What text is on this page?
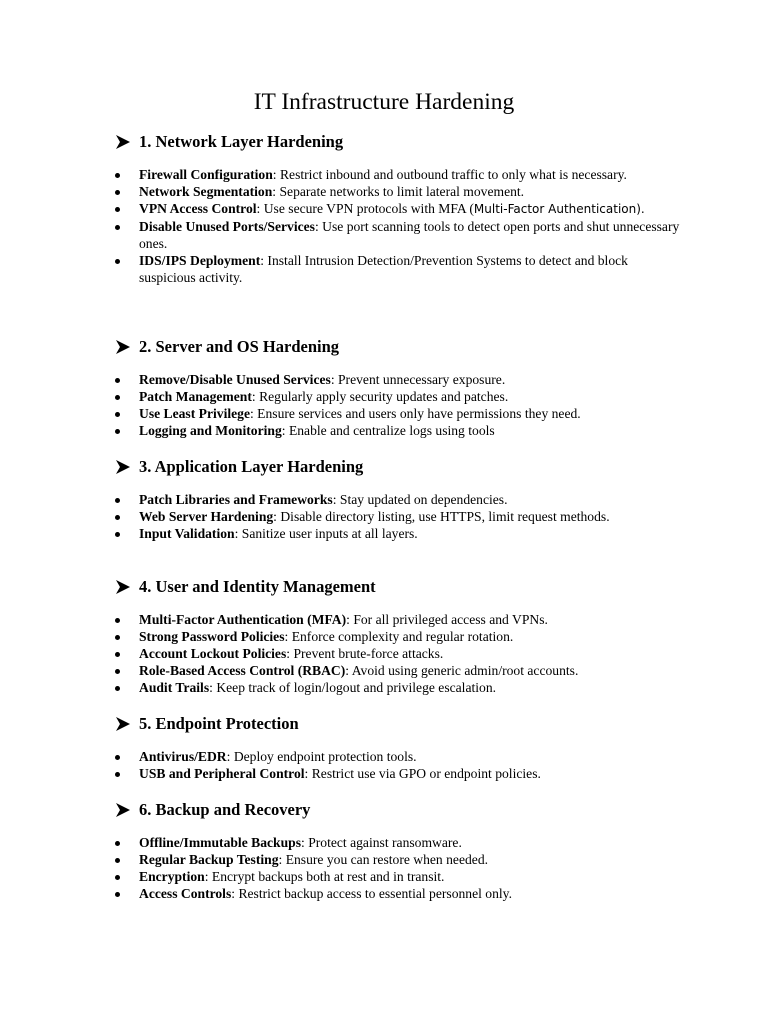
IT Infrastructure Hardening
1. Network Layer Hardening
Firewall Configuration: Restrict inbound and outbound traffic to only what is necessary.
Network Segmentation: Separate networks to limit lateral movement.
VPN Access Control: Use secure VPN protocols with MFA (Multi-Factor Authentication).
Disable Unused Ports/Services: Use port scanning tools to detect open ports and shut unnecessary ones.
IDS/IPS Deployment: Install Intrusion Detection/Prevention Systems to detect and block suspicious activity.
2. Server and OS Hardening
Remove/Disable Unused Services: Prevent unnecessary exposure.
Patch Management: Regularly apply security updates and patches.
Use Least Privilege: Ensure services and users only have permissions they need.
Logging and Monitoring: Enable and centralize logs using tools
3. Application Layer Hardening
Patch Libraries and Frameworks: Stay updated on dependencies.
Web Server Hardening: Disable directory listing, use HTTPS, limit request methods.
Input Validation: Sanitize user inputs at all layers.
4. User and Identity Management
Multi-Factor Authentication (MFA): For all privileged access and VPNs.
Strong Password Policies: Enforce complexity and regular rotation.
Account Lockout Policies: Prevent brute-force attacks.
Role-Based Access Control (RBAC): Avoid using generic admin/root accounts.
Audit Trails: Keep track of login/logout and privilege escalation.
5. Endpoint Protection
Antivirus/EDR: Deploy endpoint protection tools.
USB and Peripheral Control: Restrict use via GPO or endpoint policies.
6. Backup and Recovery
Offline/Immutable Backups: Protect against ransomware.
Regular Backup Testing: Ensure you can restore when needed.
Encryption: Encrypt backups both at rest and in transit.
Access Controls: Restrict backup access to essential personnel only.
